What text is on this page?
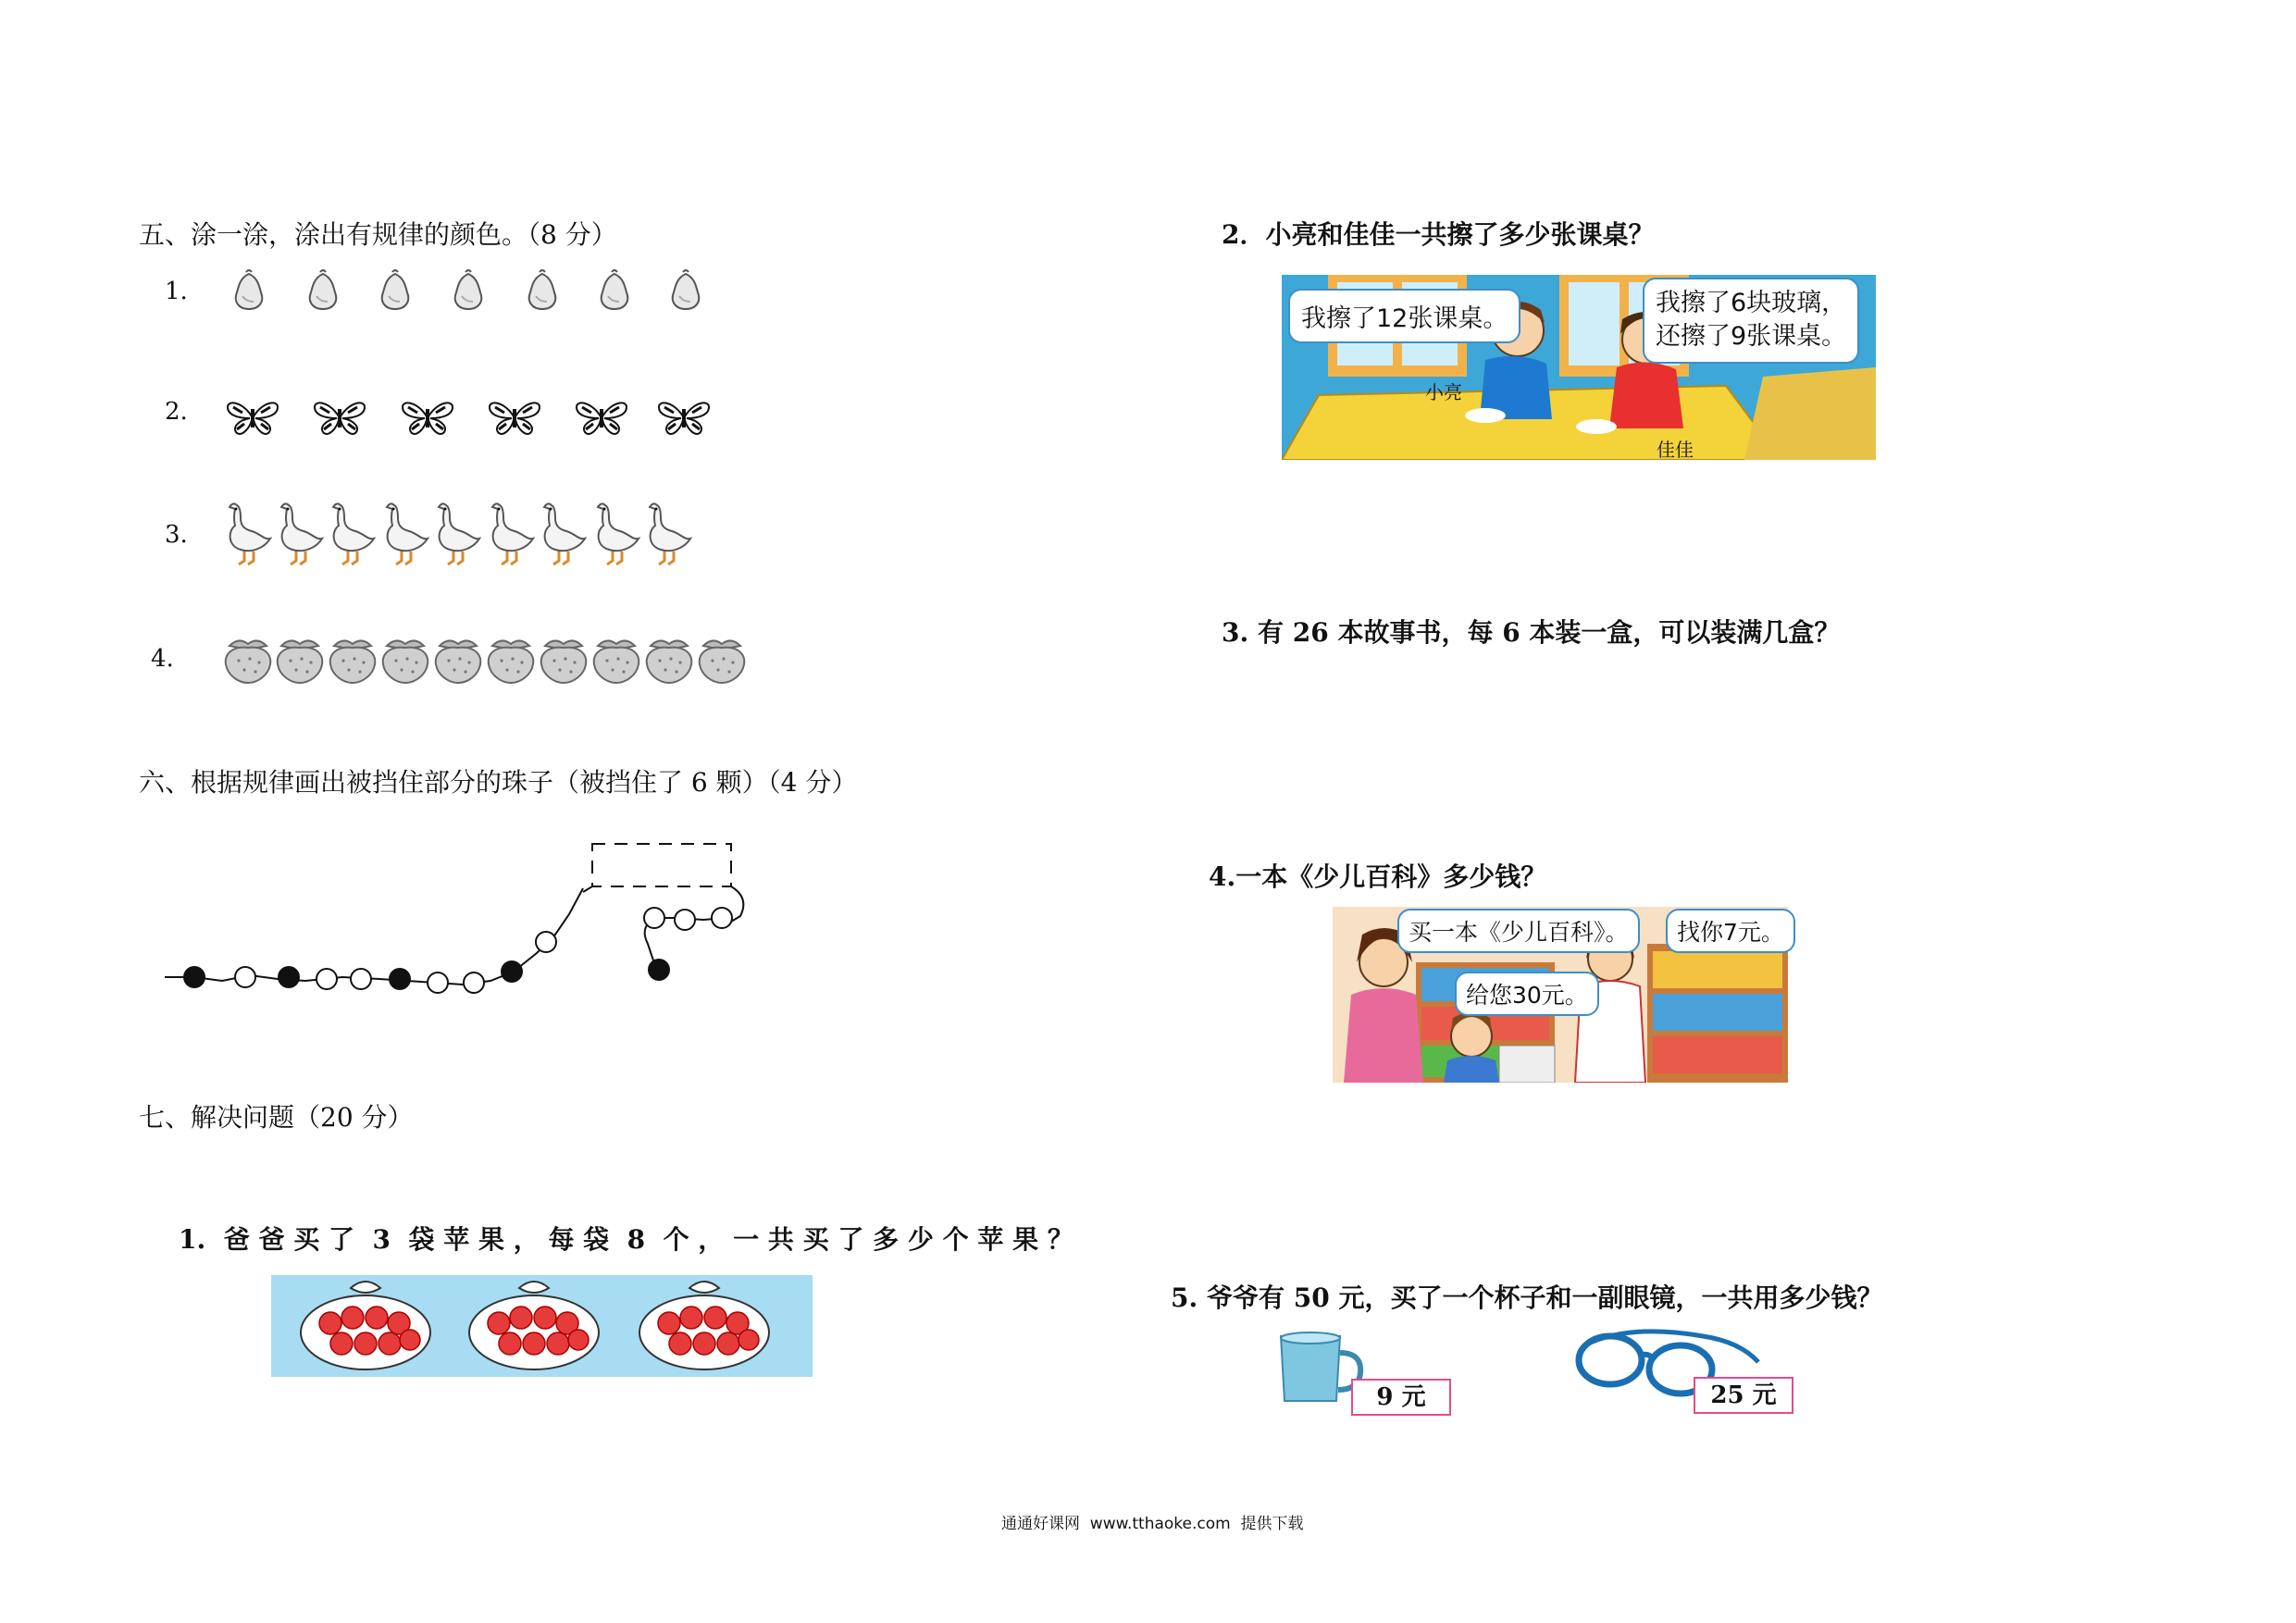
五、涂一涂，涂出有规律的颜色。（8 分）
1.
2.
3.
4.
六、根据规律画出被挡住部分的珠子（被挡住了 6 颗）（4 分）
七、解决问题（20 分）
1.  爸 爸 买 了  3  袋 苹 果 ， 每 袋  8  个 ， 一 共 买 了 多 少 个 苹 果 ？
2．小亮和佳佳一共擦了多少张课桌？
我擦了12张课桌。
我擦了6块玻璃，
还擦了9张课桌。
小亮
佳佳
3. 有 26 本故事书，每 6 本装一盒，可以装满几盒？
4.一本《少儿百科》多少钱？
买一本《少儿百科》。	找你7元。
给您30元。
5. 爷爷有 50 元，买了一个杯子和一副眼镜，一共用多少钱？
9 元	25 元
通通好课网  www.tthaoke.com  提供下载
